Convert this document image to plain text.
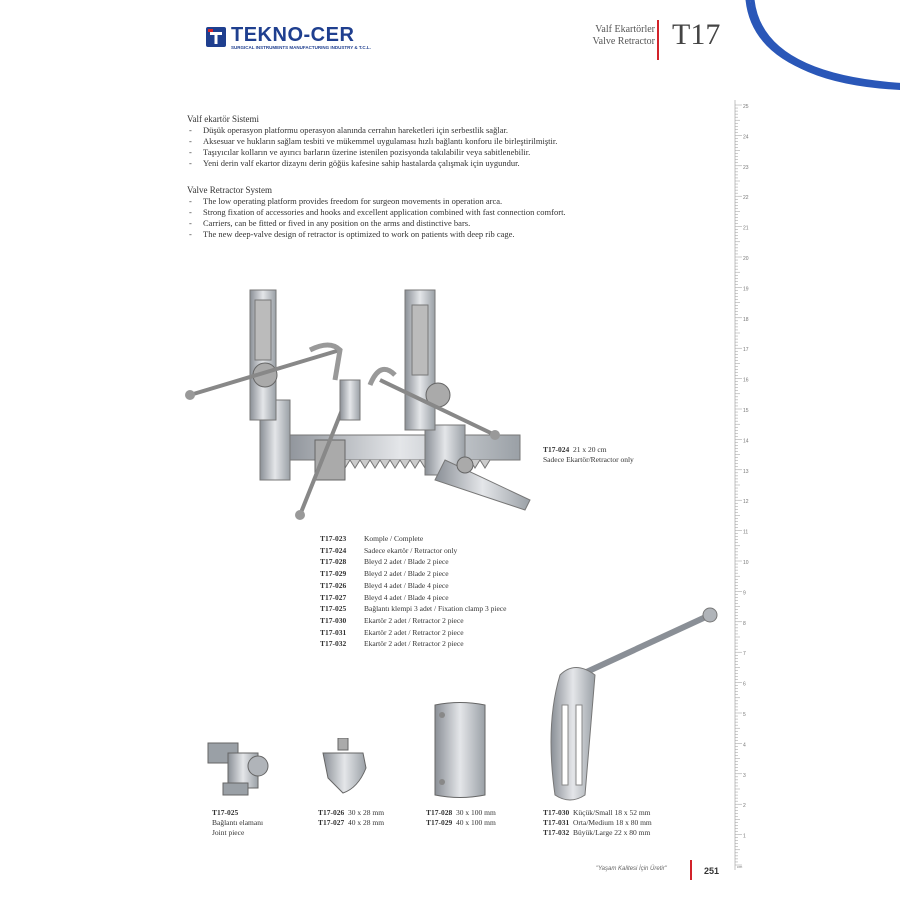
TEKNO-CER
SURGICAL INSTRUMENTS MANUFACTURING INDUSTRY & T.C.L.
Valf Ekartörler
Valve Retractor T17
Valf ekartör Sistemi
- Düşük operasyon platformu operasyon alanında cerrahın hareketleri için serbestlik sağlar.
- Aksesuar ve hukların sağlam tesbiti ve mükemmel uygulaması hızlı bağlantı konforu ile birleştirilmiştir.
- Taşıyıcılar kolların ve ayırıcı barların üzerine istenilen pozisyonda takılabilir veya sabitlenebilir.
- Yeni derin valf ekartor dizaynı derin göğüs kafesine sahip hastalarda çalışmak için uygundur.
Valve Retractor System
- The low operating platform provides freedom for surgeon movements in operation arca.
- Strong fixation of accessories and hooks and excellent application combined with fast connection comfort.
- Carriers, can be fitted or fived in any position on the arms and distinctive bars.
- The new deep-valve design of retractor is optimized to work on patients with deep rib cage.
T17-024 21 x 20 cm
Sadece Ekartör/Retractor only
T17-023 Komple / Complete
T17-024 Sadece ekartör / Retractor only
T17-028 Bleyd 2 adet / Blade 2 piece
T17-029 Bleyd 2 adet / Blade 2 piece
T17-026 Bleyd 4 adet / Blade 4 piece
T17-027 Bleyd 4 adet / Blade 4 piece
T17-025 Bağlantı klempi 3 adet / Fixation clamp 3 piece
T17-030 Ekartör 2 adet / Retractor 2 piece
T17-031 Ekartör 2 adet / Retractor 2 piece
T17-032 Ekartör 2 adet / Retractor 2 piece
T17-025
Bağlantı elamanı
Joint piece
T17-026 30 x 28 mm
T17-027 40 x 28 mm
T17-028 30 x 100 mm
T17-029 40 x 100 mm
T17-030 Küçük/Small 18 x 52 mm
T17-031 Orta/Medium 18 x 80 mm
T17-032 Büyük/Large 22 x 80 mm
25
24
23
22
21
20
19
18
17
16
15
14
13
12
11
10
9
8
7
6
5
4
3
2
1
cm
"Yaşam Kalitesi İçin Üretir"	251
